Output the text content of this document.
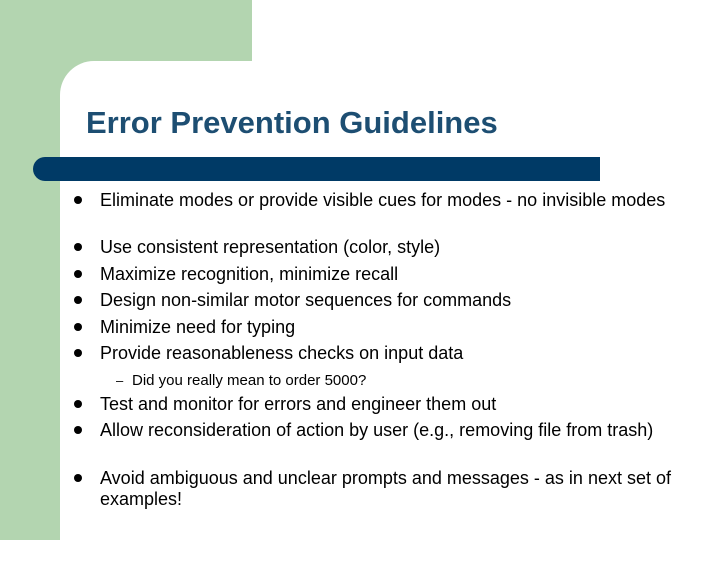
Error Prevention Guidelines
Eliminate modes or provide visible cues for modes - no invisible modes
Use consistent representation (color, style)
Maximize recognition, minimize recall
Design non-similar motor sequences for commands
Minimize need for typing
Provide reasonableness checks on input data
– Did you really mean to order 5000?
Test and monitor for errors and engineer them out
Allow reconsideration of action by user (e.g., removing file from trash)
Avoid ambiguous and unclear prompts and messages - as in next set of examples!
